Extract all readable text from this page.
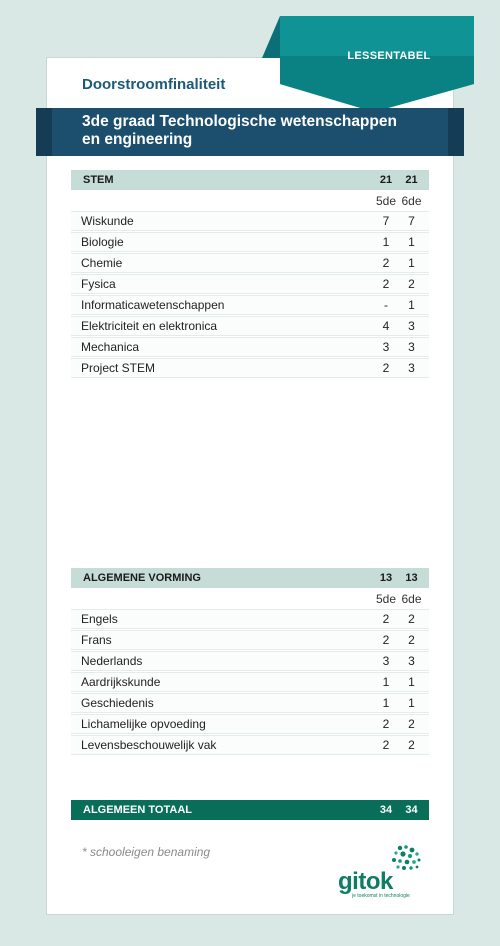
LESSENTABEL
Doorstroomfinaliteit
3de graad Technologische wetenschappen
en engineering
STEM	21	21
5de 6de
Wiskunde	7	7
Biologie	1	1
Chemie	2	1
Fysica	2	2
Informaticawetenschappen	-	1
Elektriciteit en elektronica	4	3
Mechanica	3	3
Project STEM	2	3
ALGEMENE VORMING	13	13
5de 6de
Engels	2	2
Frans	2	2
Nederlands	3	3
Aardrijkskunde	1	1
Geschiedenis	1	1
Lichamelijke opvoeding	2	2
Levensbeschouwelijk vak	2	2
ALGEMEEN TOTAAL	34	34
* schooleigen benaming
gitok
je toekomst in technologie
